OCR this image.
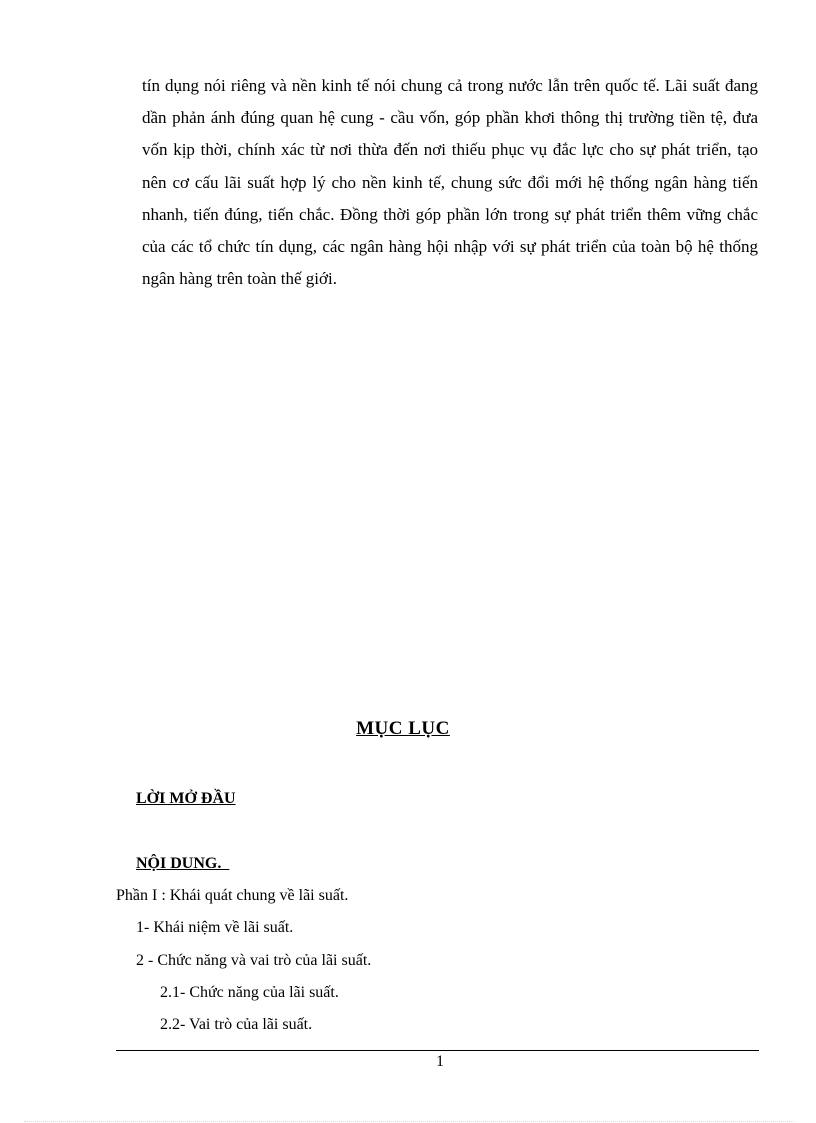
tín dụng nói riêng và nền kinh tế nói chung cả trong nước lẫn trên quốc tế. Lãi suất đang dần phản ánh đúng quan hệ cung - cầu vốn, góp phần khơi thông thị trường tiền tệ, đưa vốn kịp thời, chính xác từ nơi thừa đến nơi thiếu phục vụ đắc lực cho sự phát triển, tạo nên cơ cấu lãi suất hợp lý cho nền kinh tế, chung sức đổi mới hệ thống ngân hàng tiến nhanh, tiến đúng, tiến chắc. Đồng thời góp phần lớn trong sự phát triển thêm vững chắc của các tổ chức tín dụng, các ngân hàng hội nhập với sự phát triển của toàn bộ hệ thống ngân hàng trên toàn thế giới.

MỤC LỤC
LỜI MỞ ĐẦU
NỘI DUNG.
Phần I : Khái quát chung về lãi suất.
1- Khái niệm về lãi suất.
2 - Chức năng và vai trò của lãi suất.
2.1- Chức năng của lãi suất.
2.2- Vai trò của lãi suất.
1
